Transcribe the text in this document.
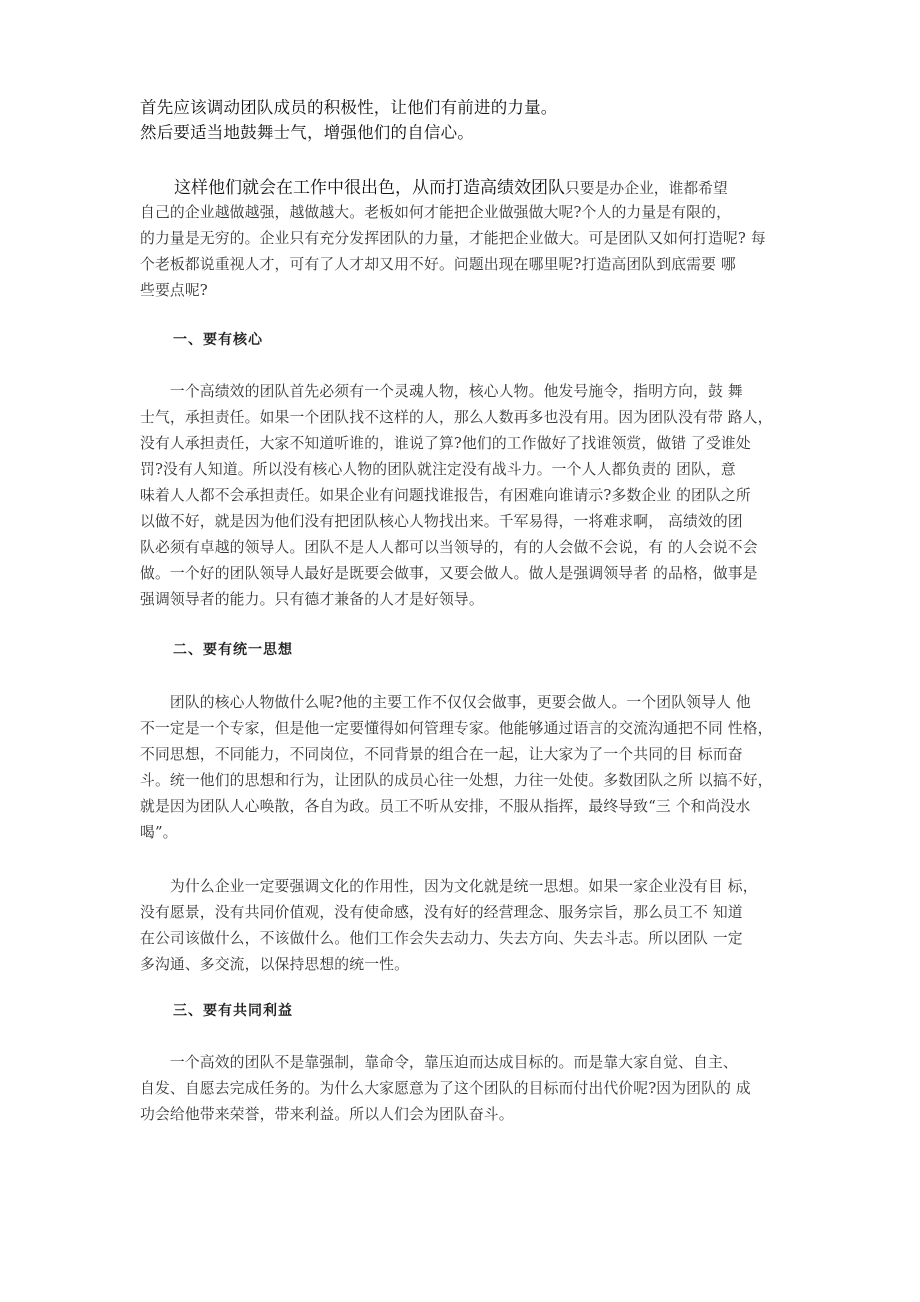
首先应该调动团队成员的积极性，让他们有前进的力量。
然后要适当地鼓舞士气，增强他们的自信心。
　　这样他们就会在工作中很出色，从而打造高绩效团队只要是办企业，谁都希望
自己的企业越做越强，越做越大。老板如何才能把企业做强做大呢?个人的力量是有限的，
的力量是无穷的。企业只有充分发挥团队的力量，才能把企业做大。可是团队又如何打造呢? 每
个老板都说重视人才，可有了人才却又用不好。问题出现在哪里呢?打造高团队到底需要 哪
些要点呢?
一、要有核心
　　一个高绩效的团队首先必须有一个灵魂人物，核心人物。他发号施令，指明方向，鼓 舞
士气，承担责任。如果一个团队找不这样的人，那么人数再多也没有用。因为团队没有带 路人，
没有人承担责任，大家不知道听谁的，谁说了算?他们的工作做好了找谁领赏，做错 了受谁处
罚?没有人知道。所以没有核心人物的团队就注定没有战斗力。一个人人都负责的 团队，意
味着人人都不会承担责任。如果企业有问题找谁报告，有困难向谁请示?多数企业 的团队之所
以做不好，就是因为他们没有把团队核心人物找出来。千军易得，一将难求啊， 高绩效的团
队必须有卓越的领导人。团队不是人人都可以当领导的，有的人会做不会说，有 的人会说不会
做。一个好的团队领导人最好是既要会做事，又要会做人。做人是强调领导者 的品格，做事是
强调领导者的能力。只有德才兼备的人才是好领导。
二、要有统一思想
　　团队的核心人物做什么呢?他的主要工作不仅仅会做事，更要会做人。一个团队领导人 他
不一定是一个专家，但是他一定要懂得如何管理专家。他能够通过语言的交流沟通把不同 性格，
不同思想，不同能力，不同岗位，不同背景的组合在一起，让大家为了一个共同的目 标而奋
斗。统一他们的思想和行为，让团队的成员心往一处想，力往一处使。多数团队之所 以搞不好，
就是因为团队人心唤散，各自为政。员工不听从安排，不服从指挥，最终导致“三 个和尚没水
喝”。
　　为什么企业一定要强调文化的作用性，因为文化就是统一思想。如果一家企业没有目 标，
没有愿景，没有共同价值观，没有使命感，没有好的经营理念、服务宗旨，那么员工不 知道
在公司该做什么，不该做什么。他们工作会失去动力、失去方向、失去斗志。所以团队 一定
多沟通、多交流，以保持思想的统一性。
三、要有共同利益
　　一个高效的团队不是靠强制，靠命令，靠压迫而达成目标的。而是靠大家自觉、自主、
自发、自愿去完成任务的。为什么大家愿意为了这个团队的目标而付出代价呢?因为团队的 成
功会给他带来荣誉，带来利益。所以人们会为团队奋斗。
